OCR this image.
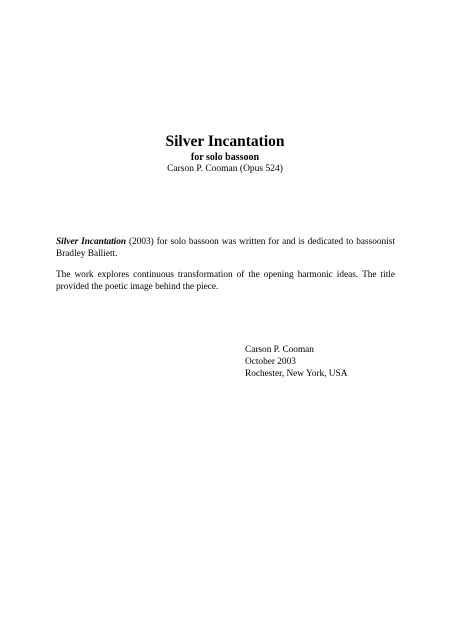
Silver Incantation
for solo bassoon
Carson P. Cooman (Opus 524)

Silver Incantation (2003) for solo bassoon was written for and is dedicated to bassoonist Bradley Balliett.

The work explores continuous transformation of the opening harmonic ideas. The title provided the poetic image behind the piece.

Carson P. Cooman
October 2003
Rochester, New York, USA
